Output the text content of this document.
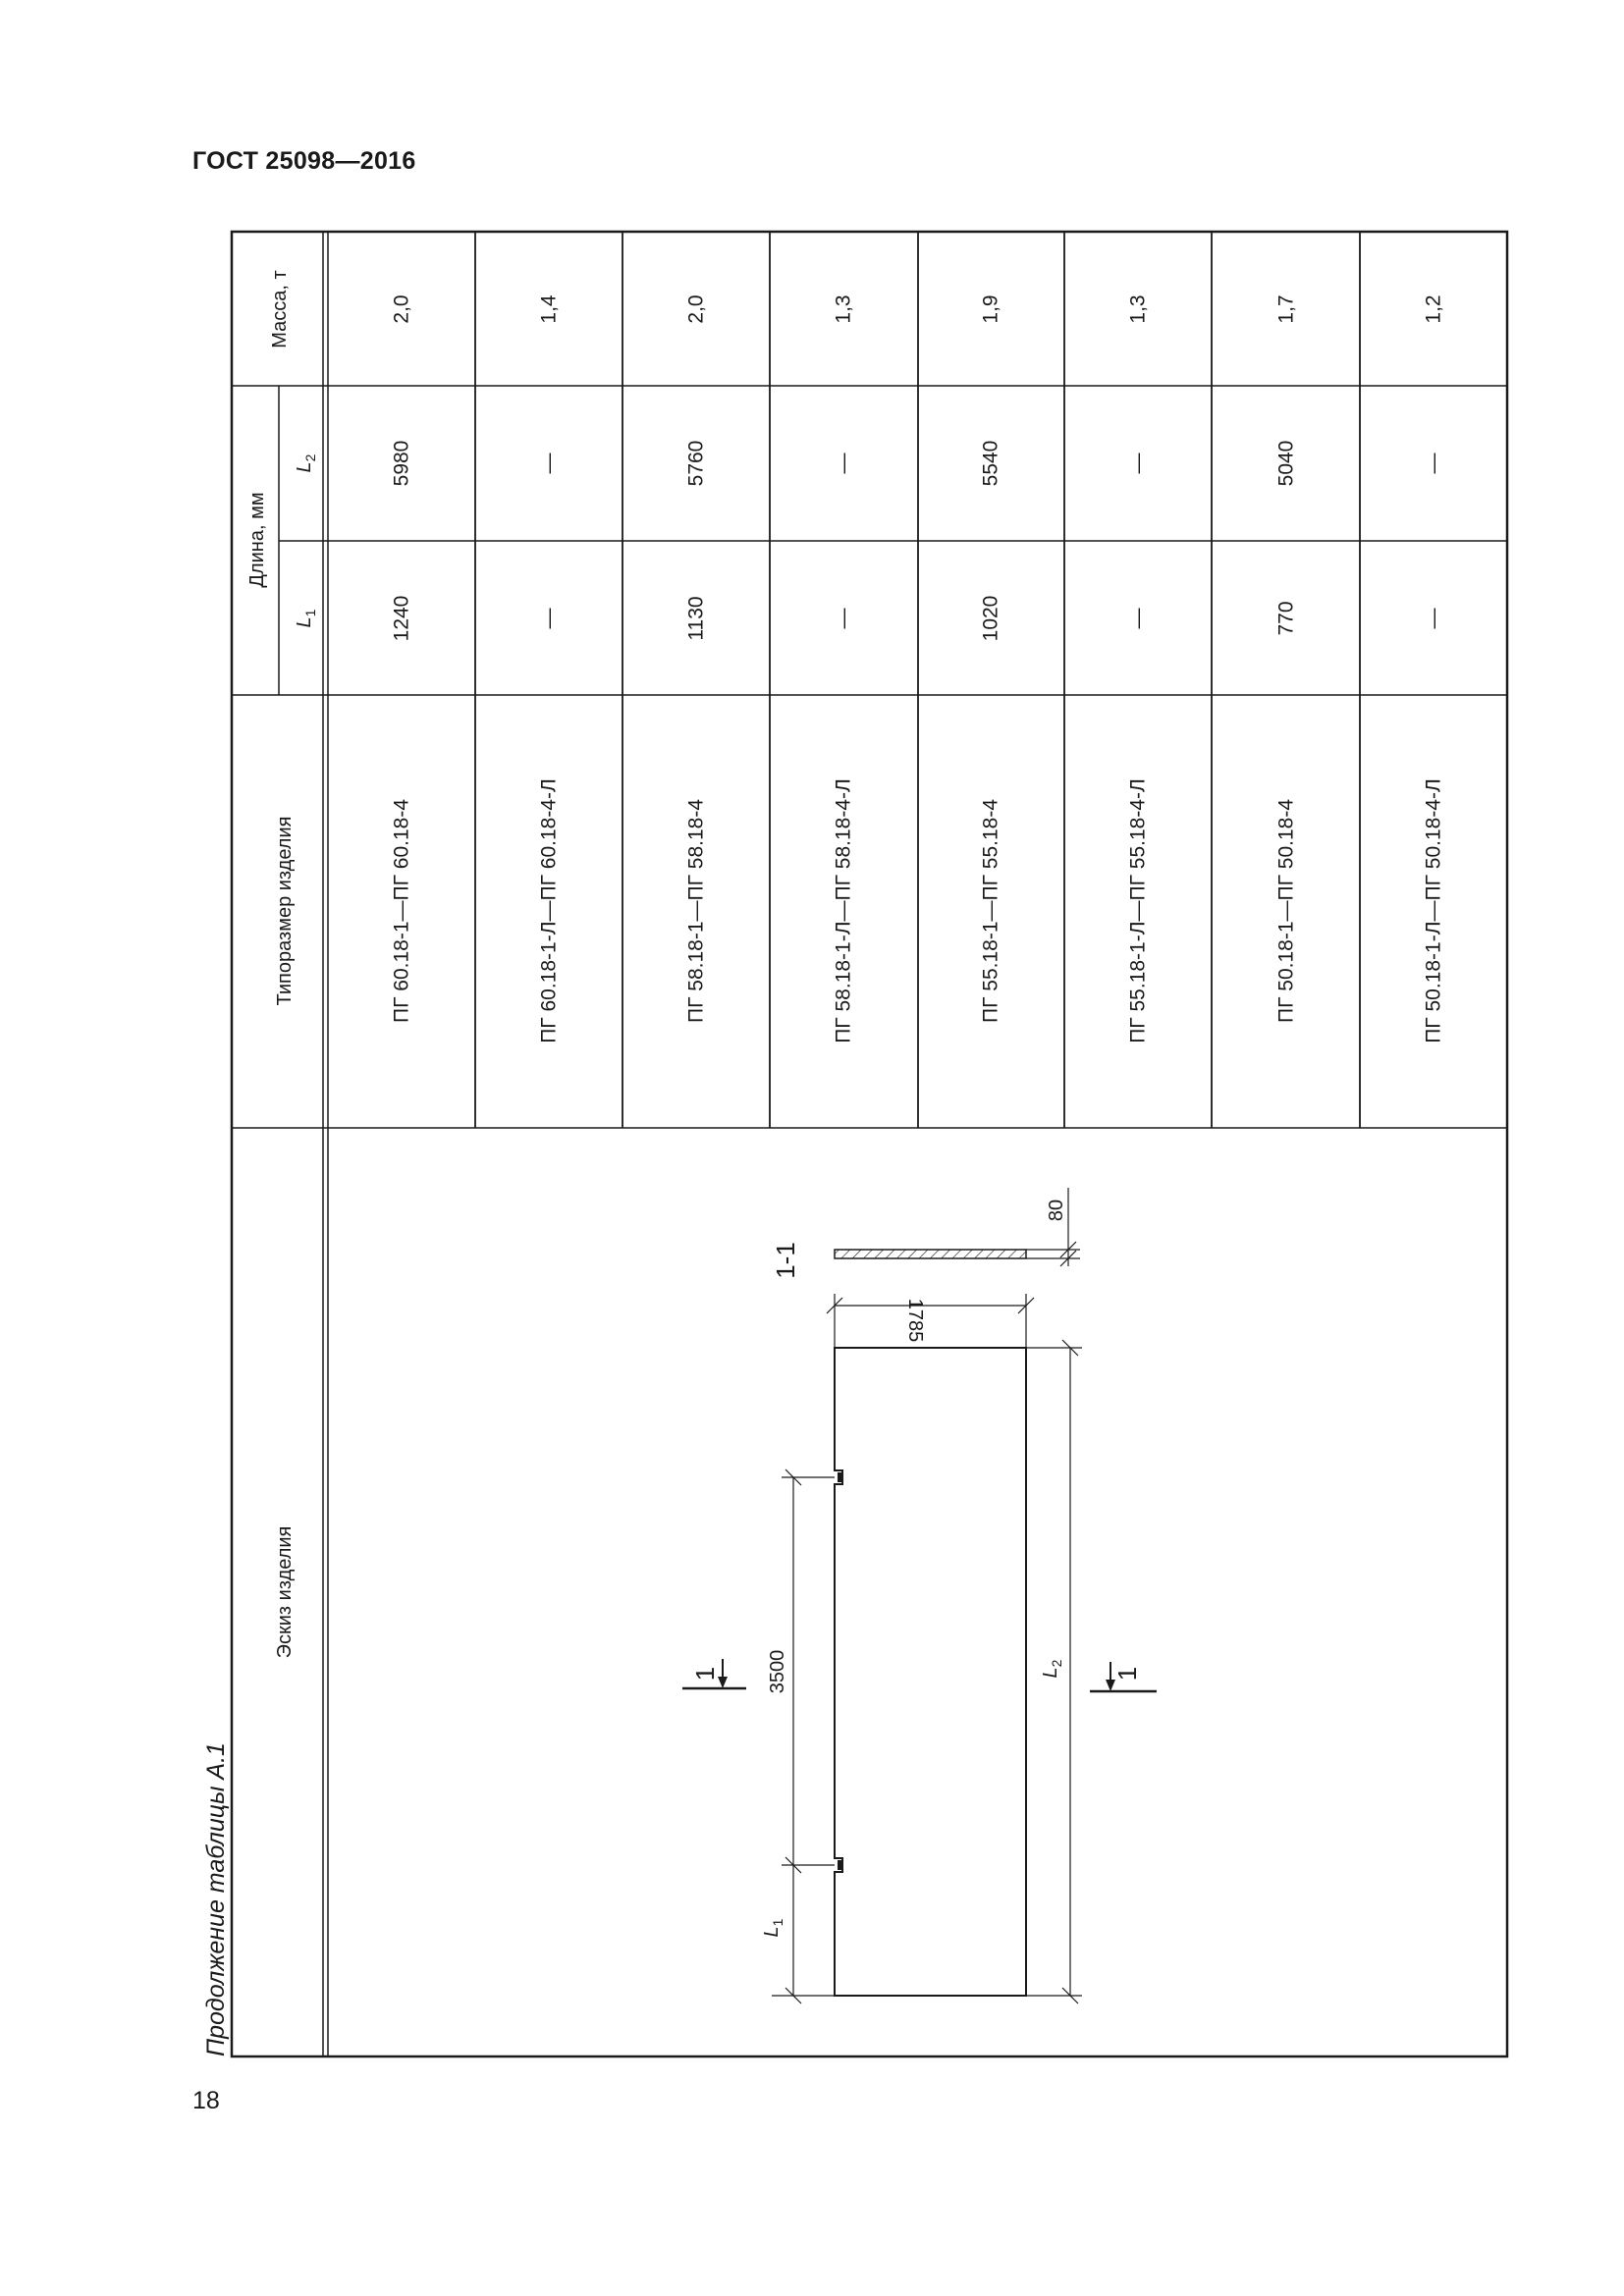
ГОСТ 25098—2016
Продолжение таблицы А.1
18
Эскиз изделия
Типоразмер изделия
Длина, мм
$L_1$
$L_2$
Масса, т
ПГ 60.18-1—ПГ 60.18-4
1240
5980
2,0
ПГ 60.18-1-Л—ПГ 60.18-4-Л
—
—
1,4
ПГ 58.18-1—ПГ 58.18-4
1130
5760
2,0
ПГ 58.18-1-Л—ПГ 58.18-4-Л
—
—
1,3
ПГ 55.18-1—ПГ 55.18-4
1020
5540
1,9
ПГ 55.18-1-Л—ПГ 55.18-4-Л
—
—
1,3
ПГ 50.18-1—ПГ 50.18-4
770
5040
1,7
ПГ 50.18-1-Л—ПГ 50.18-4-Л
—
—
1,2
1785
3500
80
$L_2$
$L_1$
1-1
1	1
